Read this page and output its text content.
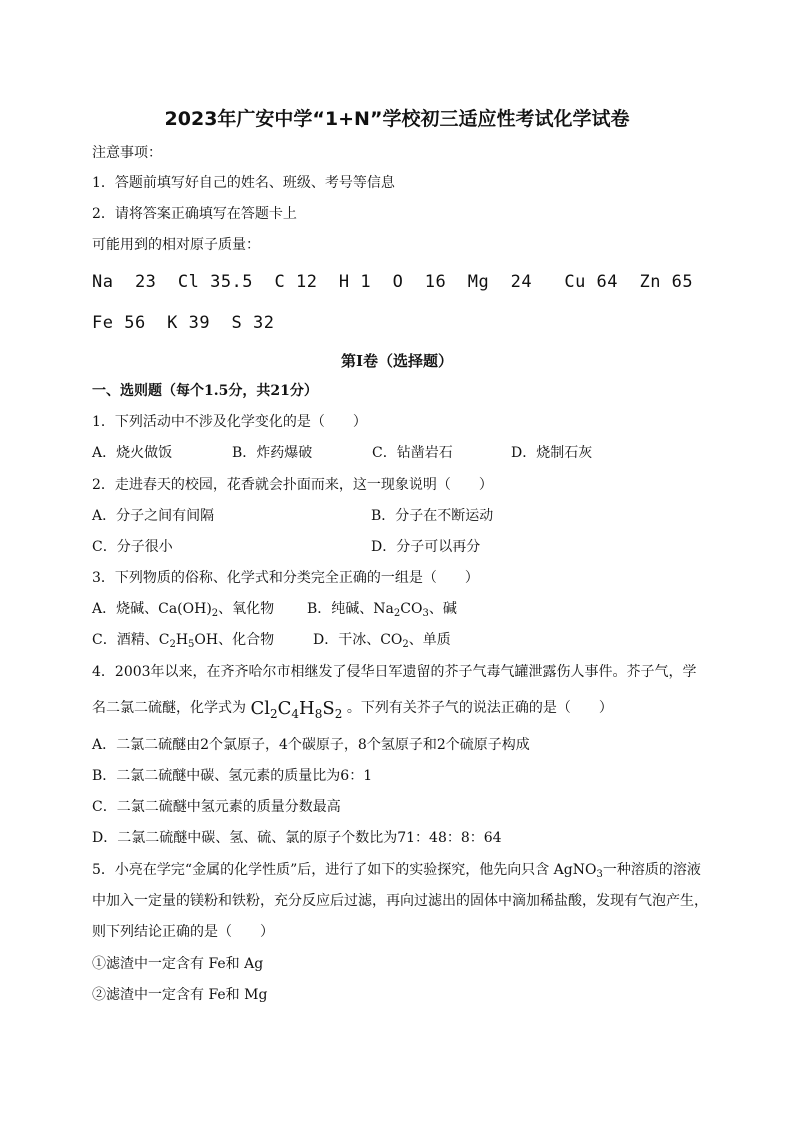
2023年广安中学“1+N”学校初三适应性考试化学试卷
注意事项：
1．答题前填写好自己的姓名、班级、考号等信息
2．请将答案正确填写在答题卡上
可能用到的相对原子质量：
Na  23  Cl 35.5  C 12  H 1  O  16  Mg  24   Cu 64  Zn 65
Fe 56  K 39  S 32
第I卷（选择题）
一、选则题（每个1.5分，共21分）
1．下列活动中不涉及化学变化的是（　　）
A．烧火做饭	B．炸药爆破	C．钻凿岩石	D．烧制石灰
2．走进春天的校园，花香就会扑面而来，这一现象说明（　　）
A．分子之间有间隔	B．分子在不断运动
C．分子很小	D．分子可以再分
3．下列物质的俗称、化学式和分类完全正确的一组是（　　）
A．烧碱、$Ca(OH)_2$、氧化物 B．纯碱、$Na_2CO_3$、碱
C．酒精、$C_2H_5OH$、化合物	D．干冰、$CO_2$、单质
4．2003年以来，在齐齐哈尔市相继发了侵华日军遗留的芥子气毒气罐泄露伤人事件。芥子气，学
名二氯二硫醚，化学式为 $Cl_2C_4H_8S_2$ 。下列有关芥子气的说法正确的是（　　）
A．二氯二硫醚由2个氯原子，4个碳原子，8个氢原子和2个硫原子构成
B．二氯二硫醚中碳、氢元素的质量比为6：1
C．二氯二硫醚中氢元素的质量分数最高
D．二氯二硫醚中碳、氢、硫、氯的原子个数比为71：48：8：64
5．小亮在学完“金属的化学性质”后，进行了如下的实验探究，他先向只含 AgNO$_3$一种溶质的溶液
中加入一定量的镁粉和铁粉，充分反应后过滤，再向过滤出的固体中滴加稀盐酸，发现有气泡产生，
则下列结论正确的是（　　）
①滤渣中一定含有 Fe和 Ag
②滤渣中一定含有 Fe和 Mg
